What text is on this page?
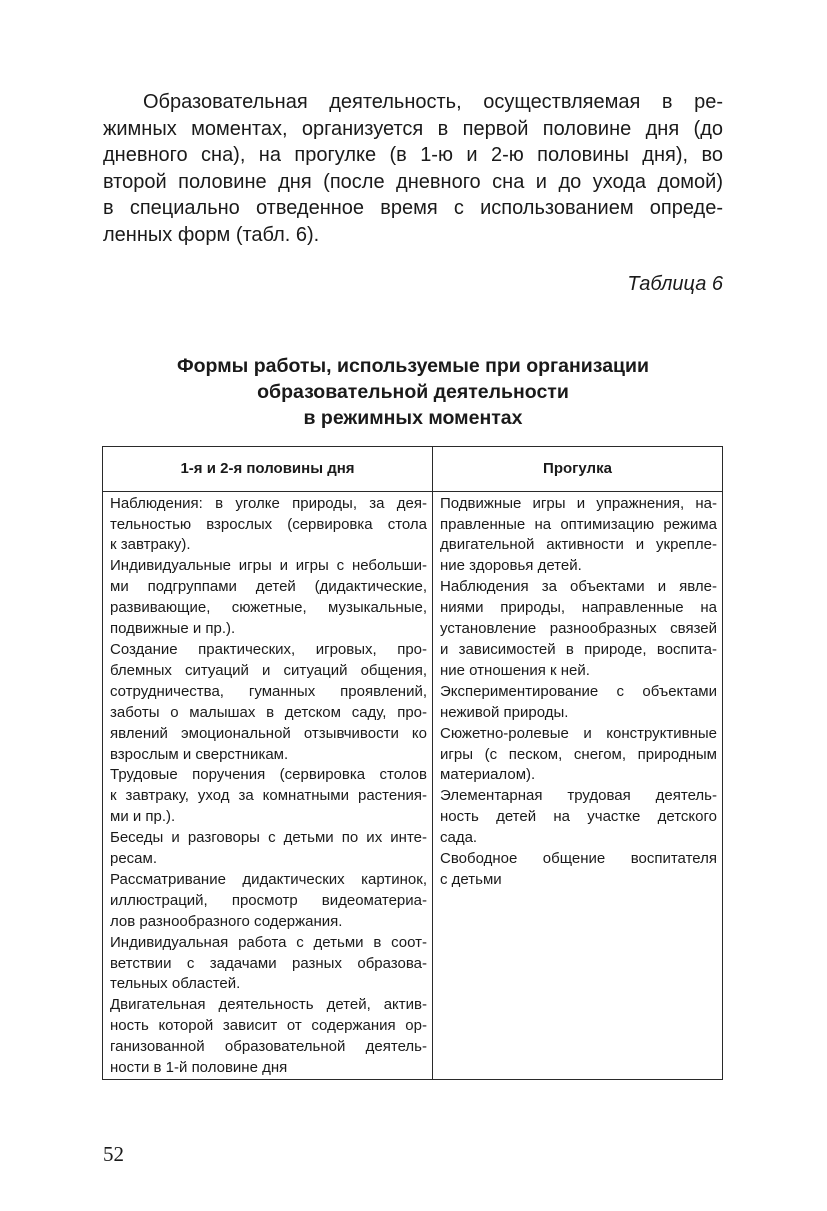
Образовательная деятельность, осуществляемая в ре-
жимных моментах, организуется в первой половине дня (до
дневного сна), на прогулке (в 1-ю и 2-ю половины дня), во
второй половине дня (после дневного сна и до ухода домой)
в специально отведенное время с использованием опреде-
ленных форм (табл. 6).

Таблица 6

Формы работы, используемые при организации
образовательной деятельности
в режимных моментах
1-я и 2-я половины дня	Прогулка
Наблюдения: в уголке природы, за дея-
тельностью взрослых (сервировка стола
к завтраку).
Индивидуальные игры и игры с небольши-
ми подгруппами детей (дидактические,
развивающие, сюжетные, музыкальные,
подвижные и пр.).
Создание практических, игровых, про-
блемных ситуаций и ситуаций общения,
сотрудничества, гуманных проявлений,
заботы о малышах в детском саду, про-
явлений эмоциональной отзывчивости ко
взрослым и сверстникам.
Трудовые поручения (сервировка столов
к завтраку, уход за комнатными растения-
ми и пр.).
Беседы и разговоры с детьми по их инте-
ресам.
Рассматривание дидактических картинок,
иллюстраций, просмотр видеоматериа-
лов разнообразного содержания.
Индивидуальная работа с детьми в соот-
ветствии с задачами разных образова-
тельных областей.
Двигательная деятельность детей, актив-
ность которой зависит от содержания ор-
ганизованной образовательной деятель-
ности в 1-й половине дня
Подвижные игры и упражнения, на-
правленные на оптимизацию режима
двигательной активности и укрепле-
ние здоровья детей.
Наблюдения за объектами и явле-
ниями природы, направленные на
установление разнообразных связей
и зависимостей в природе, воспита-
ние отношения к ней.
Экспериментирование с объектами
неживой природы.
Сюжетно-ролевые и конструктивные
игры (с песком, снегом, природным
материалом).
Элементарная трудовая деятель-
ность детей на участке детского
сада.
Свободное общение воспитателя
с детьми

52
